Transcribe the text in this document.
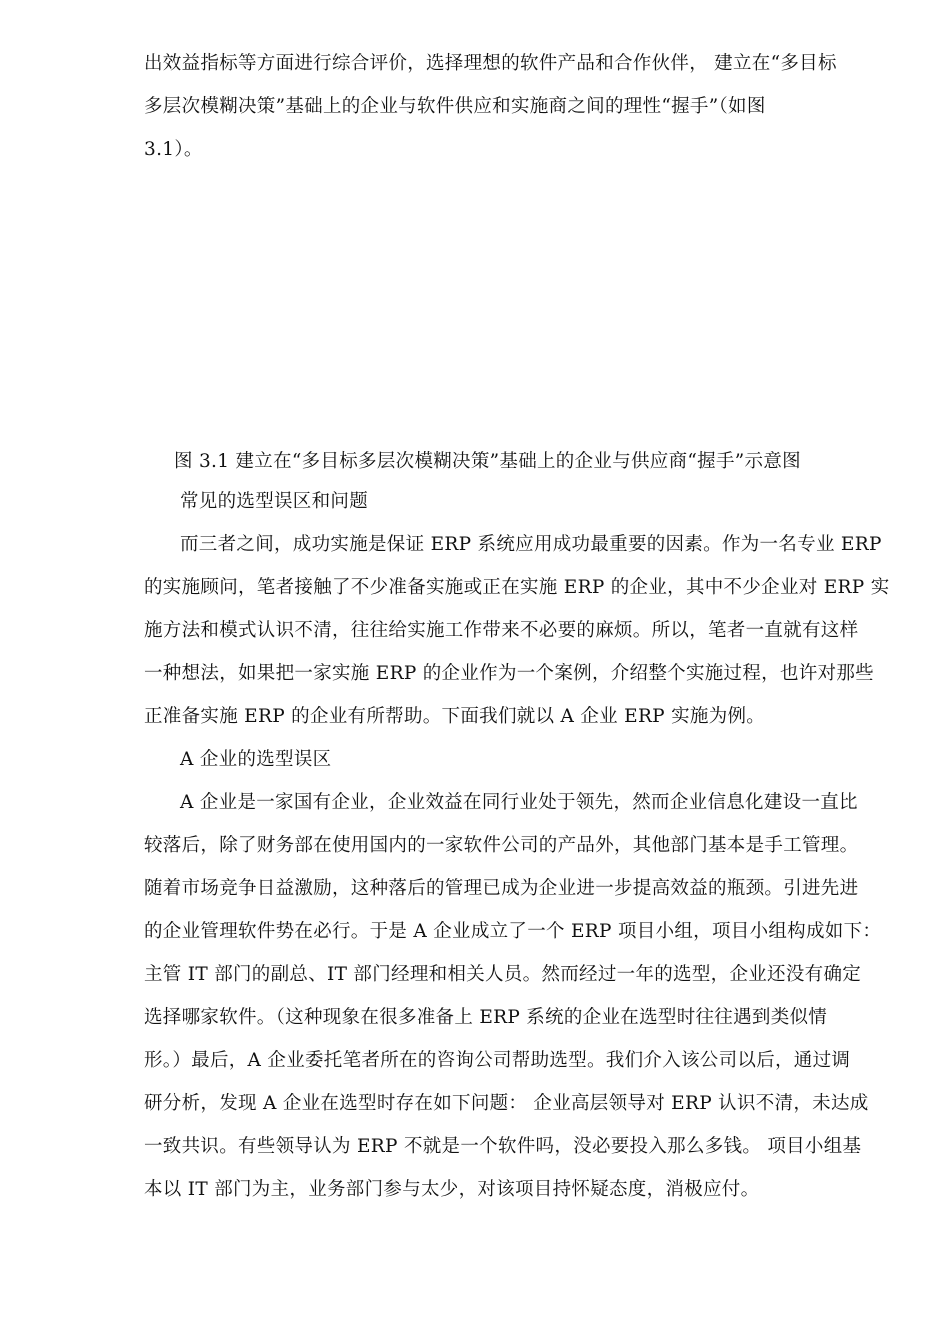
出效益指标等方面进行综合评价，选择理想的软件产品和合作伙伴， 建立在“多目标
多层次模糊决策”基础上的企业与软件供应和实施商之间的理性“握手”（如图
3.1）。
图 3.1 建立在“多目标多层次模糊决策”基础上的企业与供应商“握手”示意图
常见的选型误区和问题
而三者之间，成功实施是保证 ERP 系统应用成功最重要的因素。作为一名专业 ERP
的实施顾问，笔者接触了不少准备实施或正在实施 ERP 的企业，其中不少企业对 ERP 实
施方法和模式认识不清，往往给实施工作带来不必要的麻烦。所以，笔者一直就有这样
一种想法，如果把一家实施 ERP 的企业作为一个案例，介绍整个实施过程，也许对那些
正准备实施 ERP 的企业有所帮助。下面我们就以 A 企业 ERP 实施为例。
A 企业的选型误区
A 企业是一家国有企业，企业效益在同行业处于领先，然而企业信息化建设一直比
较落后，除了财务部在使用国内的一家软件公司的产品外，其他部门基本是手工管理。
随着市场竞争日益激励，这种落后的管理已成为企业进一步提高效益的瓶颈。引进先进
的企业管理软件势在必行。于是 A 企业成立了一个 ERP 项目小组，项目小组构成如下：
主管 IT 部门的副总、IT 部门经理和相关人员。然而经过一年的选型，企业还没有确定
选择哪家软件。（这种现象在很多准备上 ERP 系统的企业在选型时往往遇到类似情
形。）最后，A 企业委托笔者所在的咨询公司帮助选型。我们介入该公司以后，通过调
研分析，发现 A 企业在选型时存在如下问题： 企业高层领导对 ERP 认识不清，未达成
一致共识。有些领导认为 ERP 不就是一个软件吗，没必要投入那么多钱。 项目小组基
本以 IT 部门为主，业务部门参与太少，对该项目持怀疑态度，消极应付。
